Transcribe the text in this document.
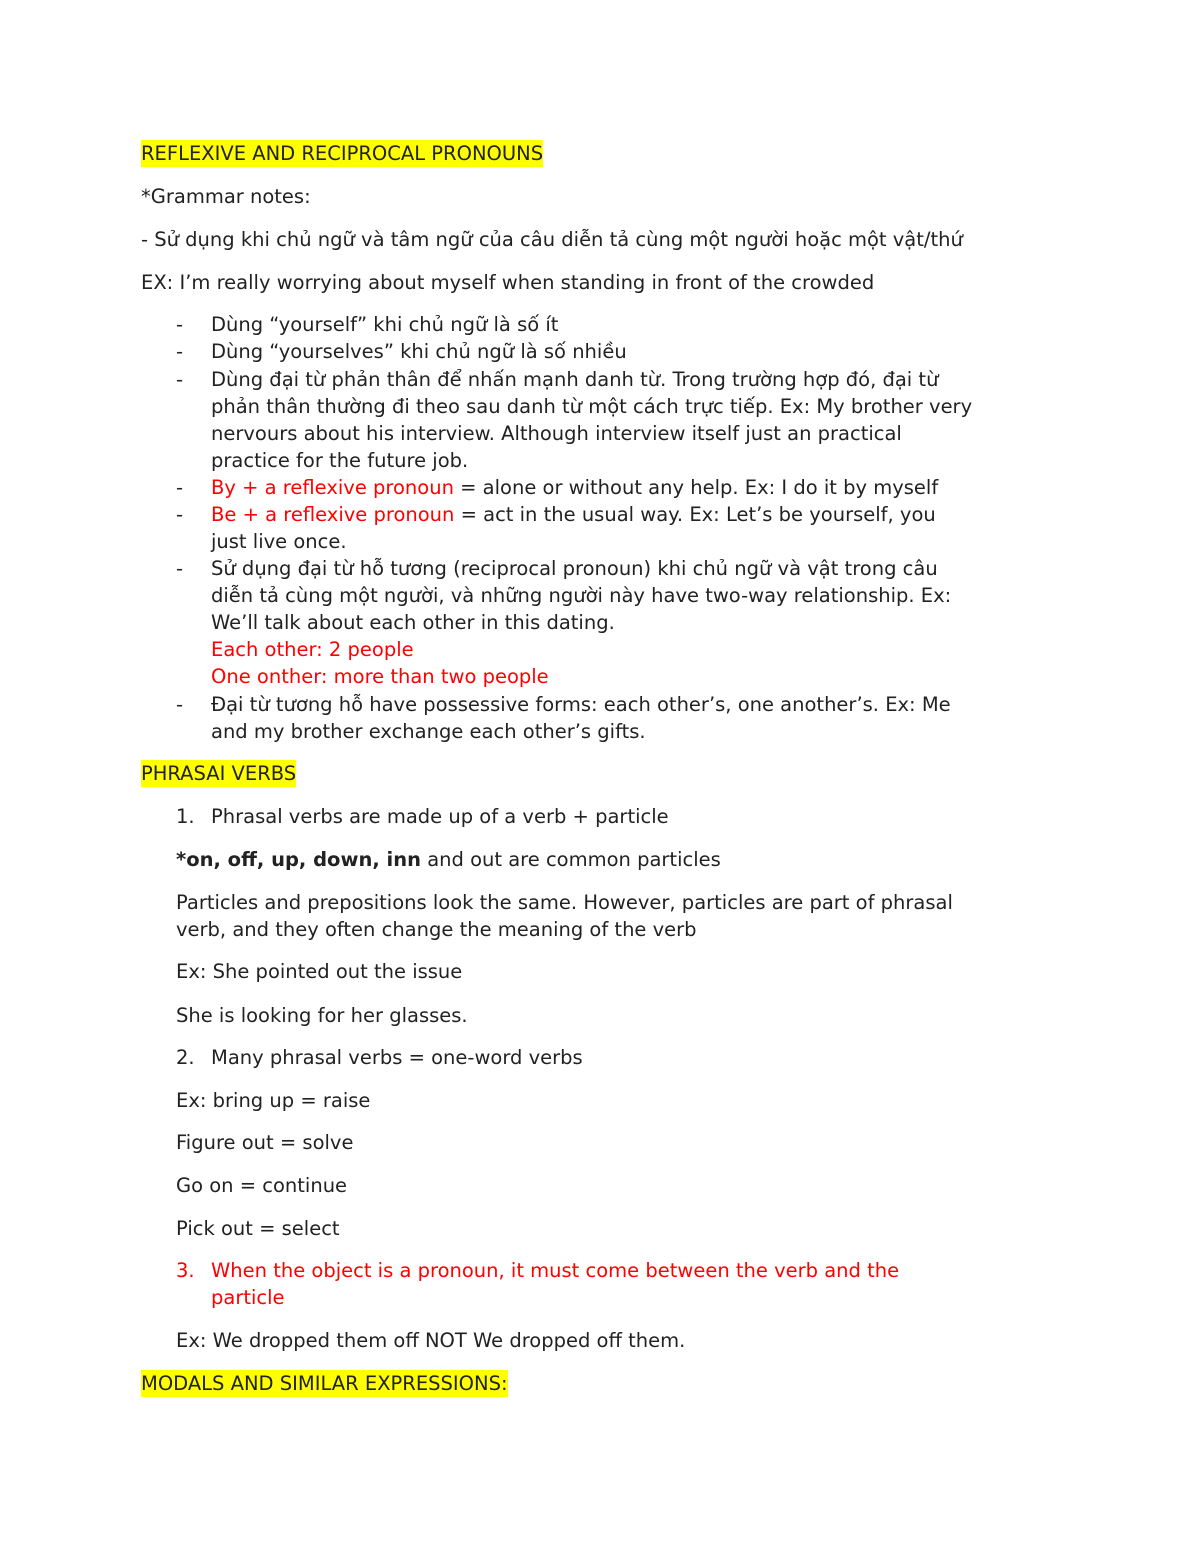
REFLEXIVE AND RECIPROCAL PRONOUNS
*Grammar notes:
- Sử dụng khi chủ ngữ và tâm ngữ của câu diễn tả cùng một người hoặc một vật/thứ
EX: I’m really worrying about myself when standing in front of the crowded
- Dùng “yourself” khi chủ ngữ là số ít
- Dùng “yourselves” khi chủ ngữ là số nhiều
- Dùng đại từ phản thân để nhấn mạnh danh từ. Trong trường hợp đó, đại từ
phản thân thường đi theo sau danh từ một cách trực tiếp. Ex: My brother very
nervours about his interview. Although interview itself just an practical
practice for the future job.
- By + a reflexive pronoun = alone or without any help. Ex: I do it by myself
- Be + a reflexive pronoun = act in the usual way. Ex: Let’s be yourself, you
just live once.
- Sử dụng đại từ hỗ tương (reciprocal pronoun) khi chủ ngữ và vật trong câu
diễn tả cùng một người, và những người này have two-way relationship. Ex:
We’ll talk about each other in this dating.
Each other: 2 people
One onther: more than two people
- Đại từ tương hỗ have possessive forms: each other’s, one another’s. Ex: Me
and my brother exchange each other’s gifts.
PHRASAI VERBS
1. Phrasal verbs are made up of a verb + particle
*on, off, up, down, inn and out are common particles
Particles and prepositions look the same. However, particles are part of phrasal
verb, and they often change the meaning of the verb
Ex: She pointed out the issue
She is looking for her glasses.
2. Many phrasal verbs = one-word verbs
Ex: bring up = raise
Figure out = solve
Go on = continue
Pick out = select
3. When the object is a pronoun, it must come between the verb and the
particle
Ex: We dropped them off NOT We dropped off them.
MODALS AND SIMILAR EXPRESSIONS:
